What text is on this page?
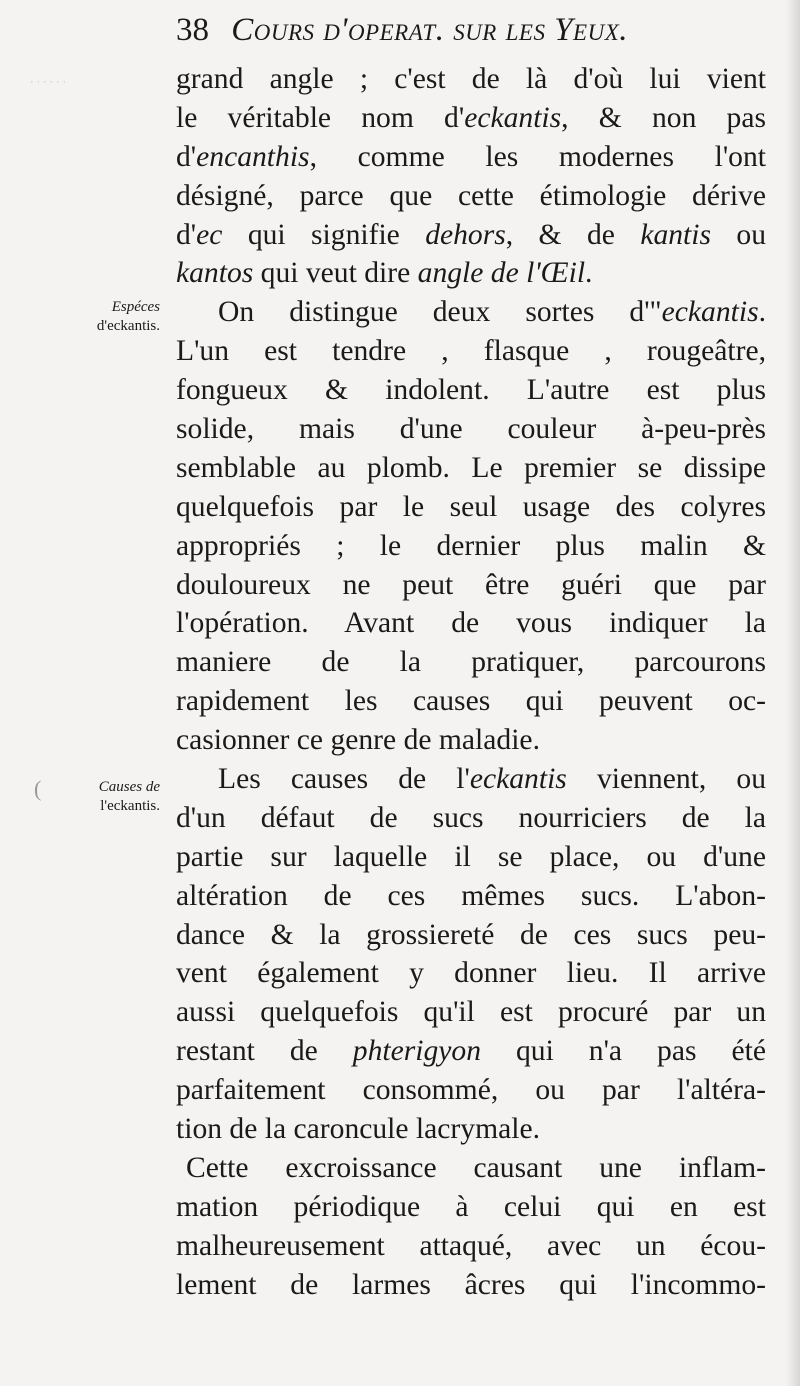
· · · · · ·
(
38 Cours d'operat. sur les Yeux.
Espéces
d'eckantis.
Causes de
l'eckantis.
grand angle ; c'est de là d'où lui vient
le véritable nom d'eckantis, & non pas
d'encanthis, comme les modernes l'ont
désigné, parce que cette étimologie dérive
d'ec qui signifie dehors, & de kantis ou
kantos qui veut dire angle de l'Œil.
On distingue deux sortes d'"eckantis.
L'un est tendre , flasque , rougeâtre,
fongueux & indolent. L'autre est plus
solide, mais d'une couleur à-peu-près
semblable au plomb. Le premier se dissipe
quelquefois par le seul usage des colyres
appropriés ; le dernier plus malin &
douloureux ne peut être guéri que par
l'opération. Avant de vous indiquer la
maniere de la pratiquer, parcourons
rapidement les causes qui peuvent oc-
casionner ce genre de maladie.
Les causes de l'eckantis viennent, ou
d'un défaut de sucs nourriciers de la
partie sur laquelle il se place, ou d'une
altération de ces mêmes sucs. L'abon-
dance & la grossiereté de ces sucs peu-
vent également y donner lieu. Il arrive
aussi quelquefois qu'il est procuré par un
restant de phterigyon qui n'a pas été
parfaitement consommé, ou par l'altéra-
tion de la caroncule lacrymale.
Cette excroissance causant une inflam-
mation périodique à celui qui en est
malheureusement attaqué, avec un écou-
lement de larmes âcres qui l'incommo-
